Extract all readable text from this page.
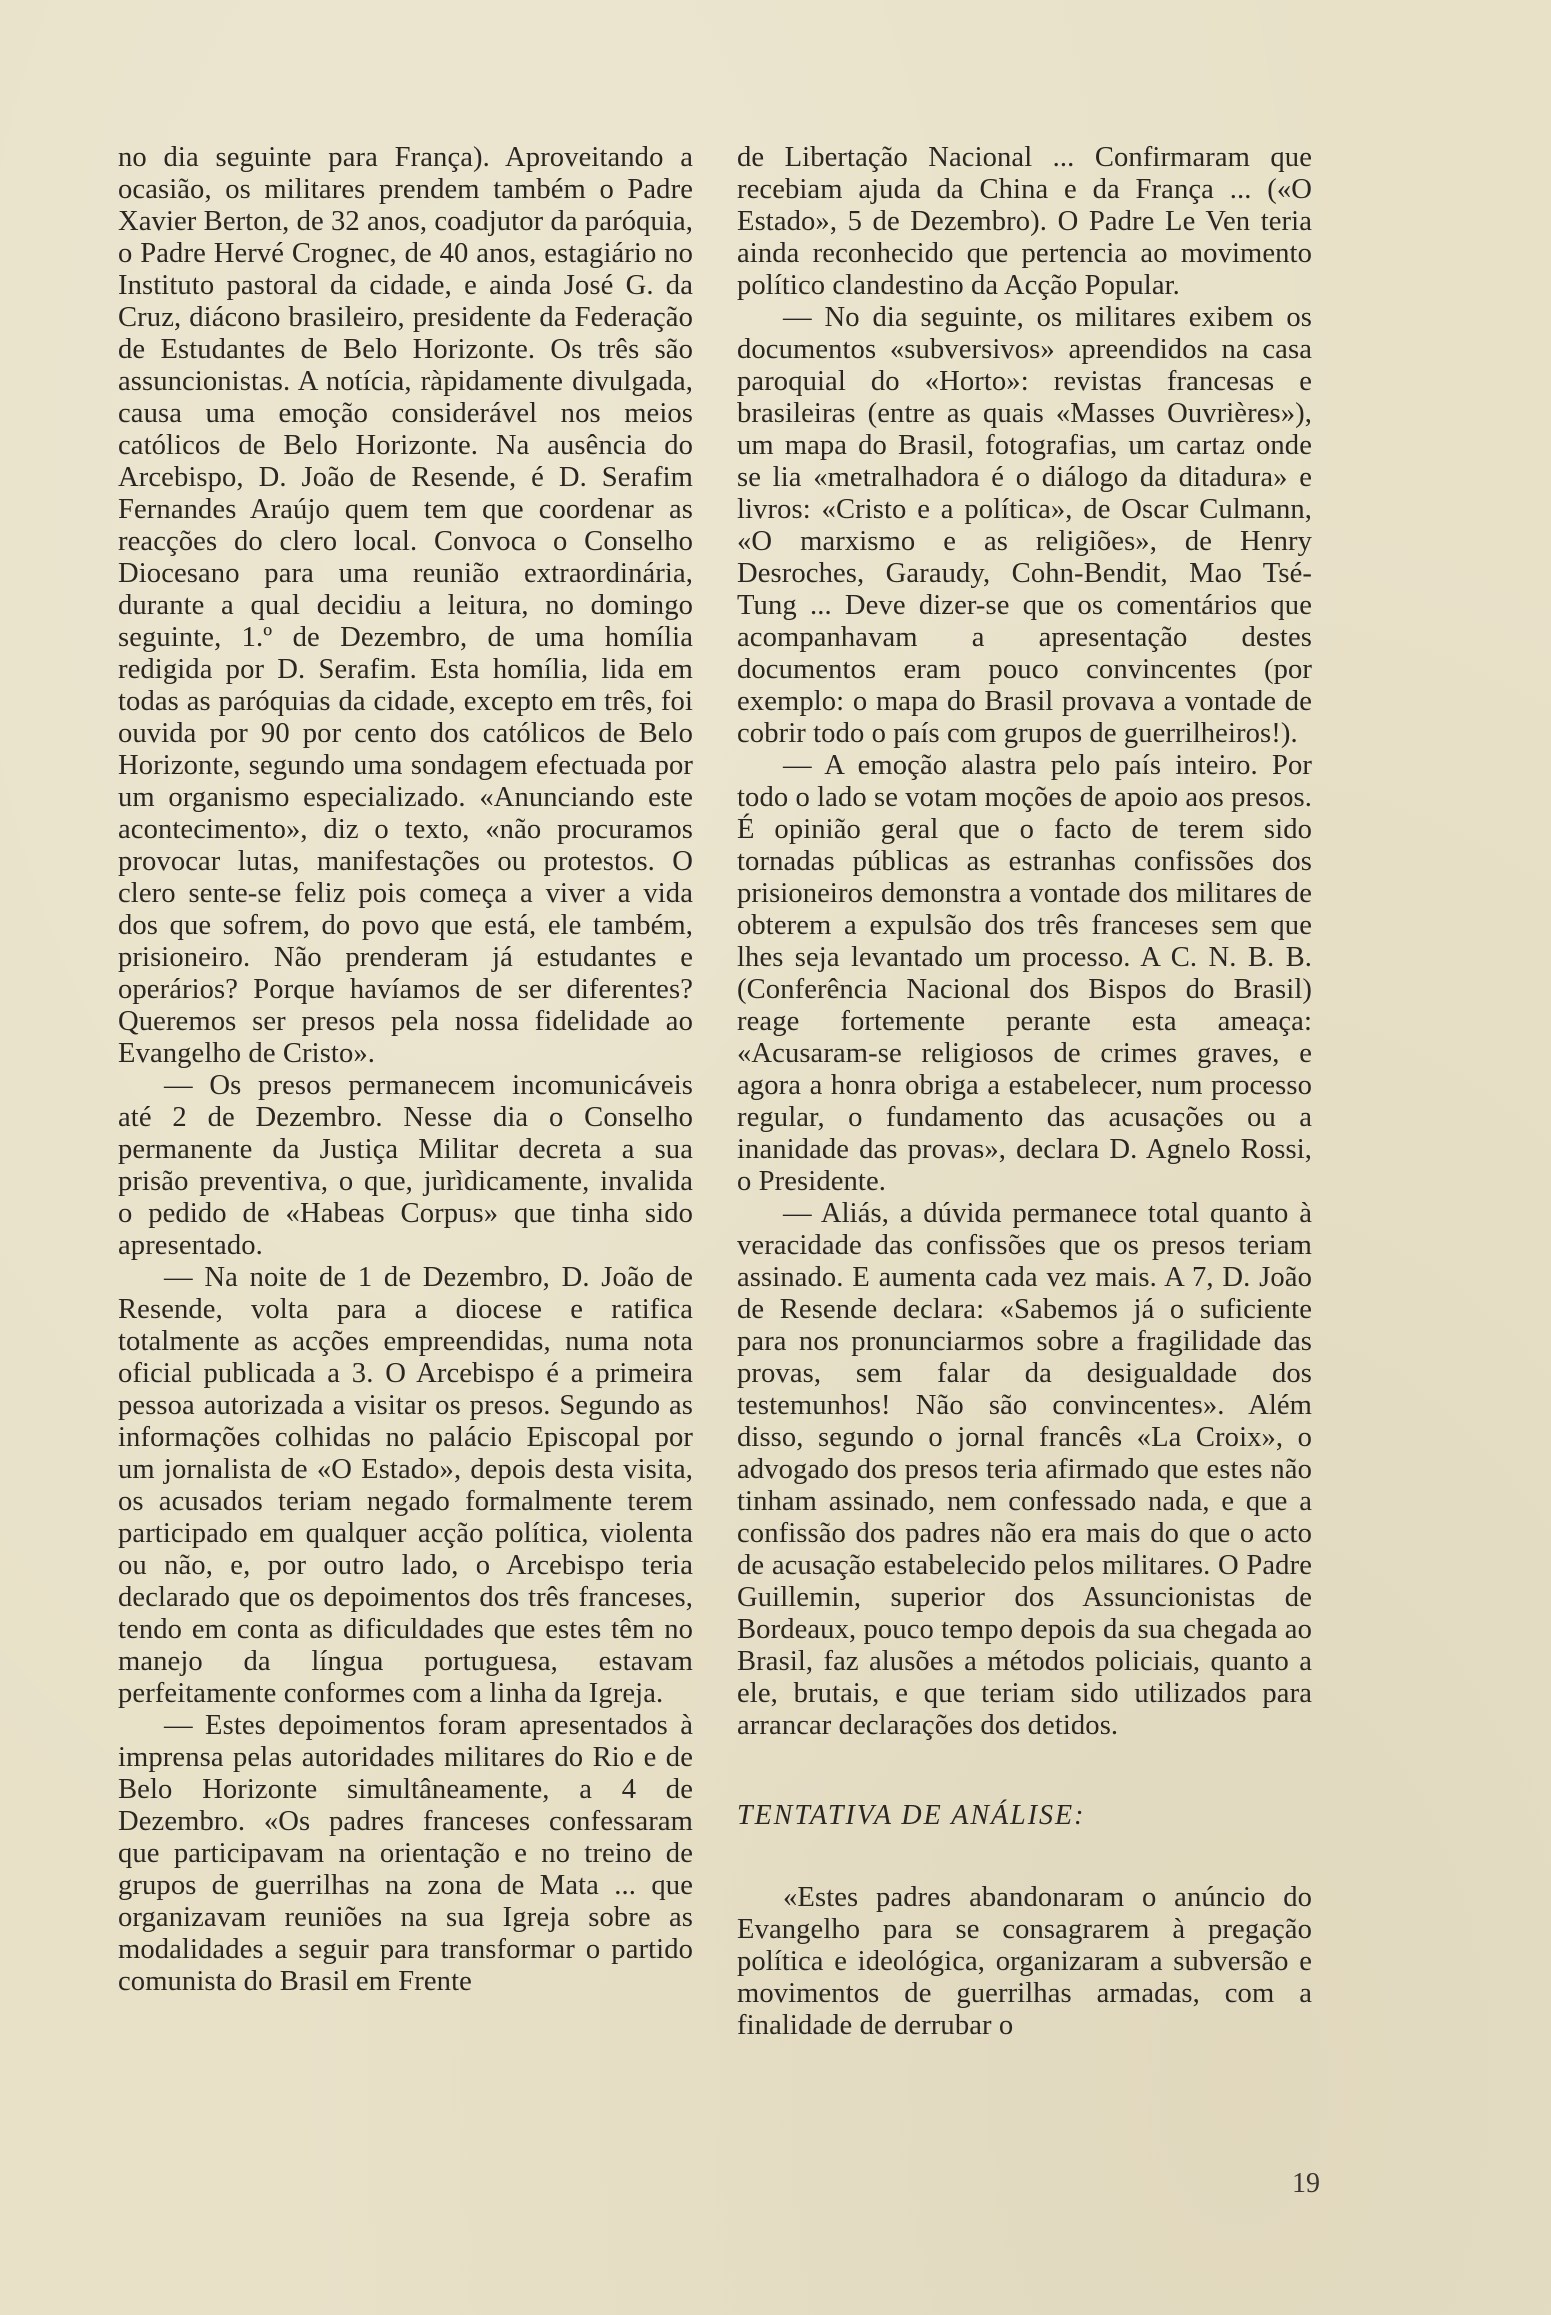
no dia seguinte para França). Aproveitando a ocasião, os militares prendem também o Padre Xavier Berton, de 32 anos, coadjutor da paróquia, o Padre Hervé Crognec, de 40 anos, estagiário no Instituto pastoral da cidade, e ainda José G. da Cruz, diácono brasileiro, presidente da Federação de Estudantes de Belo Horizonte. Os três são assuncionistas. A notícia, ràpidamente divulgada, causa uma emoção considerável nos meios católicos de Belo Horizonte. Na ausência do Arcebispo, D. João de Resende, é D. Serafim Fernandes Araújo quem tem que coordenar as reacções do clero local. Convoca o Conselho Diocesano para uma reunião extraordinária, durante a qual decidiu a leitura, no domingo seguinte, 1.º de Dezembro, de uma homília redigida por D. Serafim. Esta homília, lida em todas as paróquias da cidade, excepto em três, foi ouvida por 90 por cento dos católicos de Belo Horizonte, segundo uma sondagem efectuada por um organismo especializado. «Anunciando este acontecimento», diz o texto, «não procuramos provocar lutas, manifestações ou protestos. O clero sente-se feliz pois começa a viver a vida dos que sofrem, do povo que está, ele também, prisioneiro. Não prenderam já estudantes e operários? Porque havíamos de ser diferentes? Queremos ser presos pela nossa fidelidade ao Evangelho de Cristo».

— Os presos permanecem incomunicáveis até 2 de Dezembro. Nesse dia o Conselho permanente da Justiça Militar decreta a sua prisão preventiva, o que, jurìdicamente, invalida o pedido de «Habeas Corpus» que tinha sido apresentado.

— Na noite de 1 de Dezembro, D. João de Resende, volta para a diocese e ratifica totalmente as acções empreendidas, numa nota oficial publicada a 3. O Arcebispo é a primeira pessoa autorizada a visitar os presos. Segundo as informações colhidas no palácio Episcopal por um jornalista de «O Estado», depois desta visita, os acusados teriam negado formalmente terem participado em qualquer acção política, violenta ou não, e, por outro lado, o Arcebispo teria declarado que os depoimentos dos três franceses, tendo em conta as dificuldades que estes têm no manejo da língua portuguesa, estavam perfeitamente conformes com a linha da Igreja.

— Estes depoimentos foram apresentados à imprensa pelas autoridades militares do Rio e de Belo Horizonte simultâneamente, a 4 de Dezembro. «Os padres franceses confessaram que participavam na orientação e no treino de grupos de guerrilhas na zona de Mata ... que organizavam reuniões na sua Igreja sobre as modalidades a seguir para transformar o partido comunista do Brasil em Frente

de Libertação Nacional ... Confirmaram que recebiam ajuda da China e da França ... («O Estado», 5 de Dezembro). O Padre Le Ven teria ainda reconhecido que pertencia ao movimento político clandestino da Acção Popular.

— No dia seguinte, os militares exibem os documentos «subversivos» apreendidos na casa paroquial do «Horto»: revistas francesas e brasileiras (entre as quais «Masses Ouvrières»), um mapa do Brasil, fotografias, um cartaz onde se lia «metralhadora é o diálogo da ditadura» e livros: «Cristo e a política», de Oscar Culmann, «O marxismo e as religiões», de Henry Desroches, Garaudy, Cohn-Bendit, Mao Tsé-Tung ... Deve dizer-se que os comentários que acompanhavam a apresentação destes documentos eram pouco convincentes (por exemplo: o mapa do Brasil provava a vontade de cobrir todo o país com grupos de guerrilheiros!).

— A emoção alastra pelo país inteiro. Por todo o lado se votam moções de apoio aos presos. É opinião geral que o facto de terem sido tornadas públicas as estranhas confissões dos prisioneiros demonstra a vontade dos militares de obterem a expulsão dos três franceses sem que lhes seja levantado um processo. A C. N. B. B. (Conferência Nacional dos Bispos do Brasil) reage fortemente perante esta ameaça: «Acusaram-se religiosos de crimes graves, e agora a honra obriga a estabelecer, num processo regular, o fundamento das acusações ou a inanidade das provas», declara D. Agnelo Rossi, o Presidente.

— Aliás, a dúvida permanece total quanto à veracidade das confissões que os presos teriam assinado. E aumenta cada vez mais. A 7, D. João de Resende declara: «Sabemos já o suficiente para nos pronunciarmos sobre a fragilidade das provas, sem falar da desigualdade dos testemunhos! Não são convincentes». Além disso, segundo o jornal francês «La Croix», o advogado dos presos teria afirmado que estes não tinham assinado, nem confessado nada, e que a confissão dos padres não era mais do que o acto de acusação estabelecido pelos militares. O Padre Guillemin, superior dos Assuncionistas de Bordeaux, pouco tempo depois da sua chegada ao Brasil, faz alusões a métodos policiais, quanto a ele, brutais, e que teriam sido utilizados para arrancar declarações dos detidos.

TENTATIVA DE ANÁLISE:

«Estes padres abandonaram o anúncio do Evangelho para se consagrarem à pregação política e ideológica, organizaram a subversão e movimentos de guerrilhas armadas, com a finalidade de derrubar o

19
